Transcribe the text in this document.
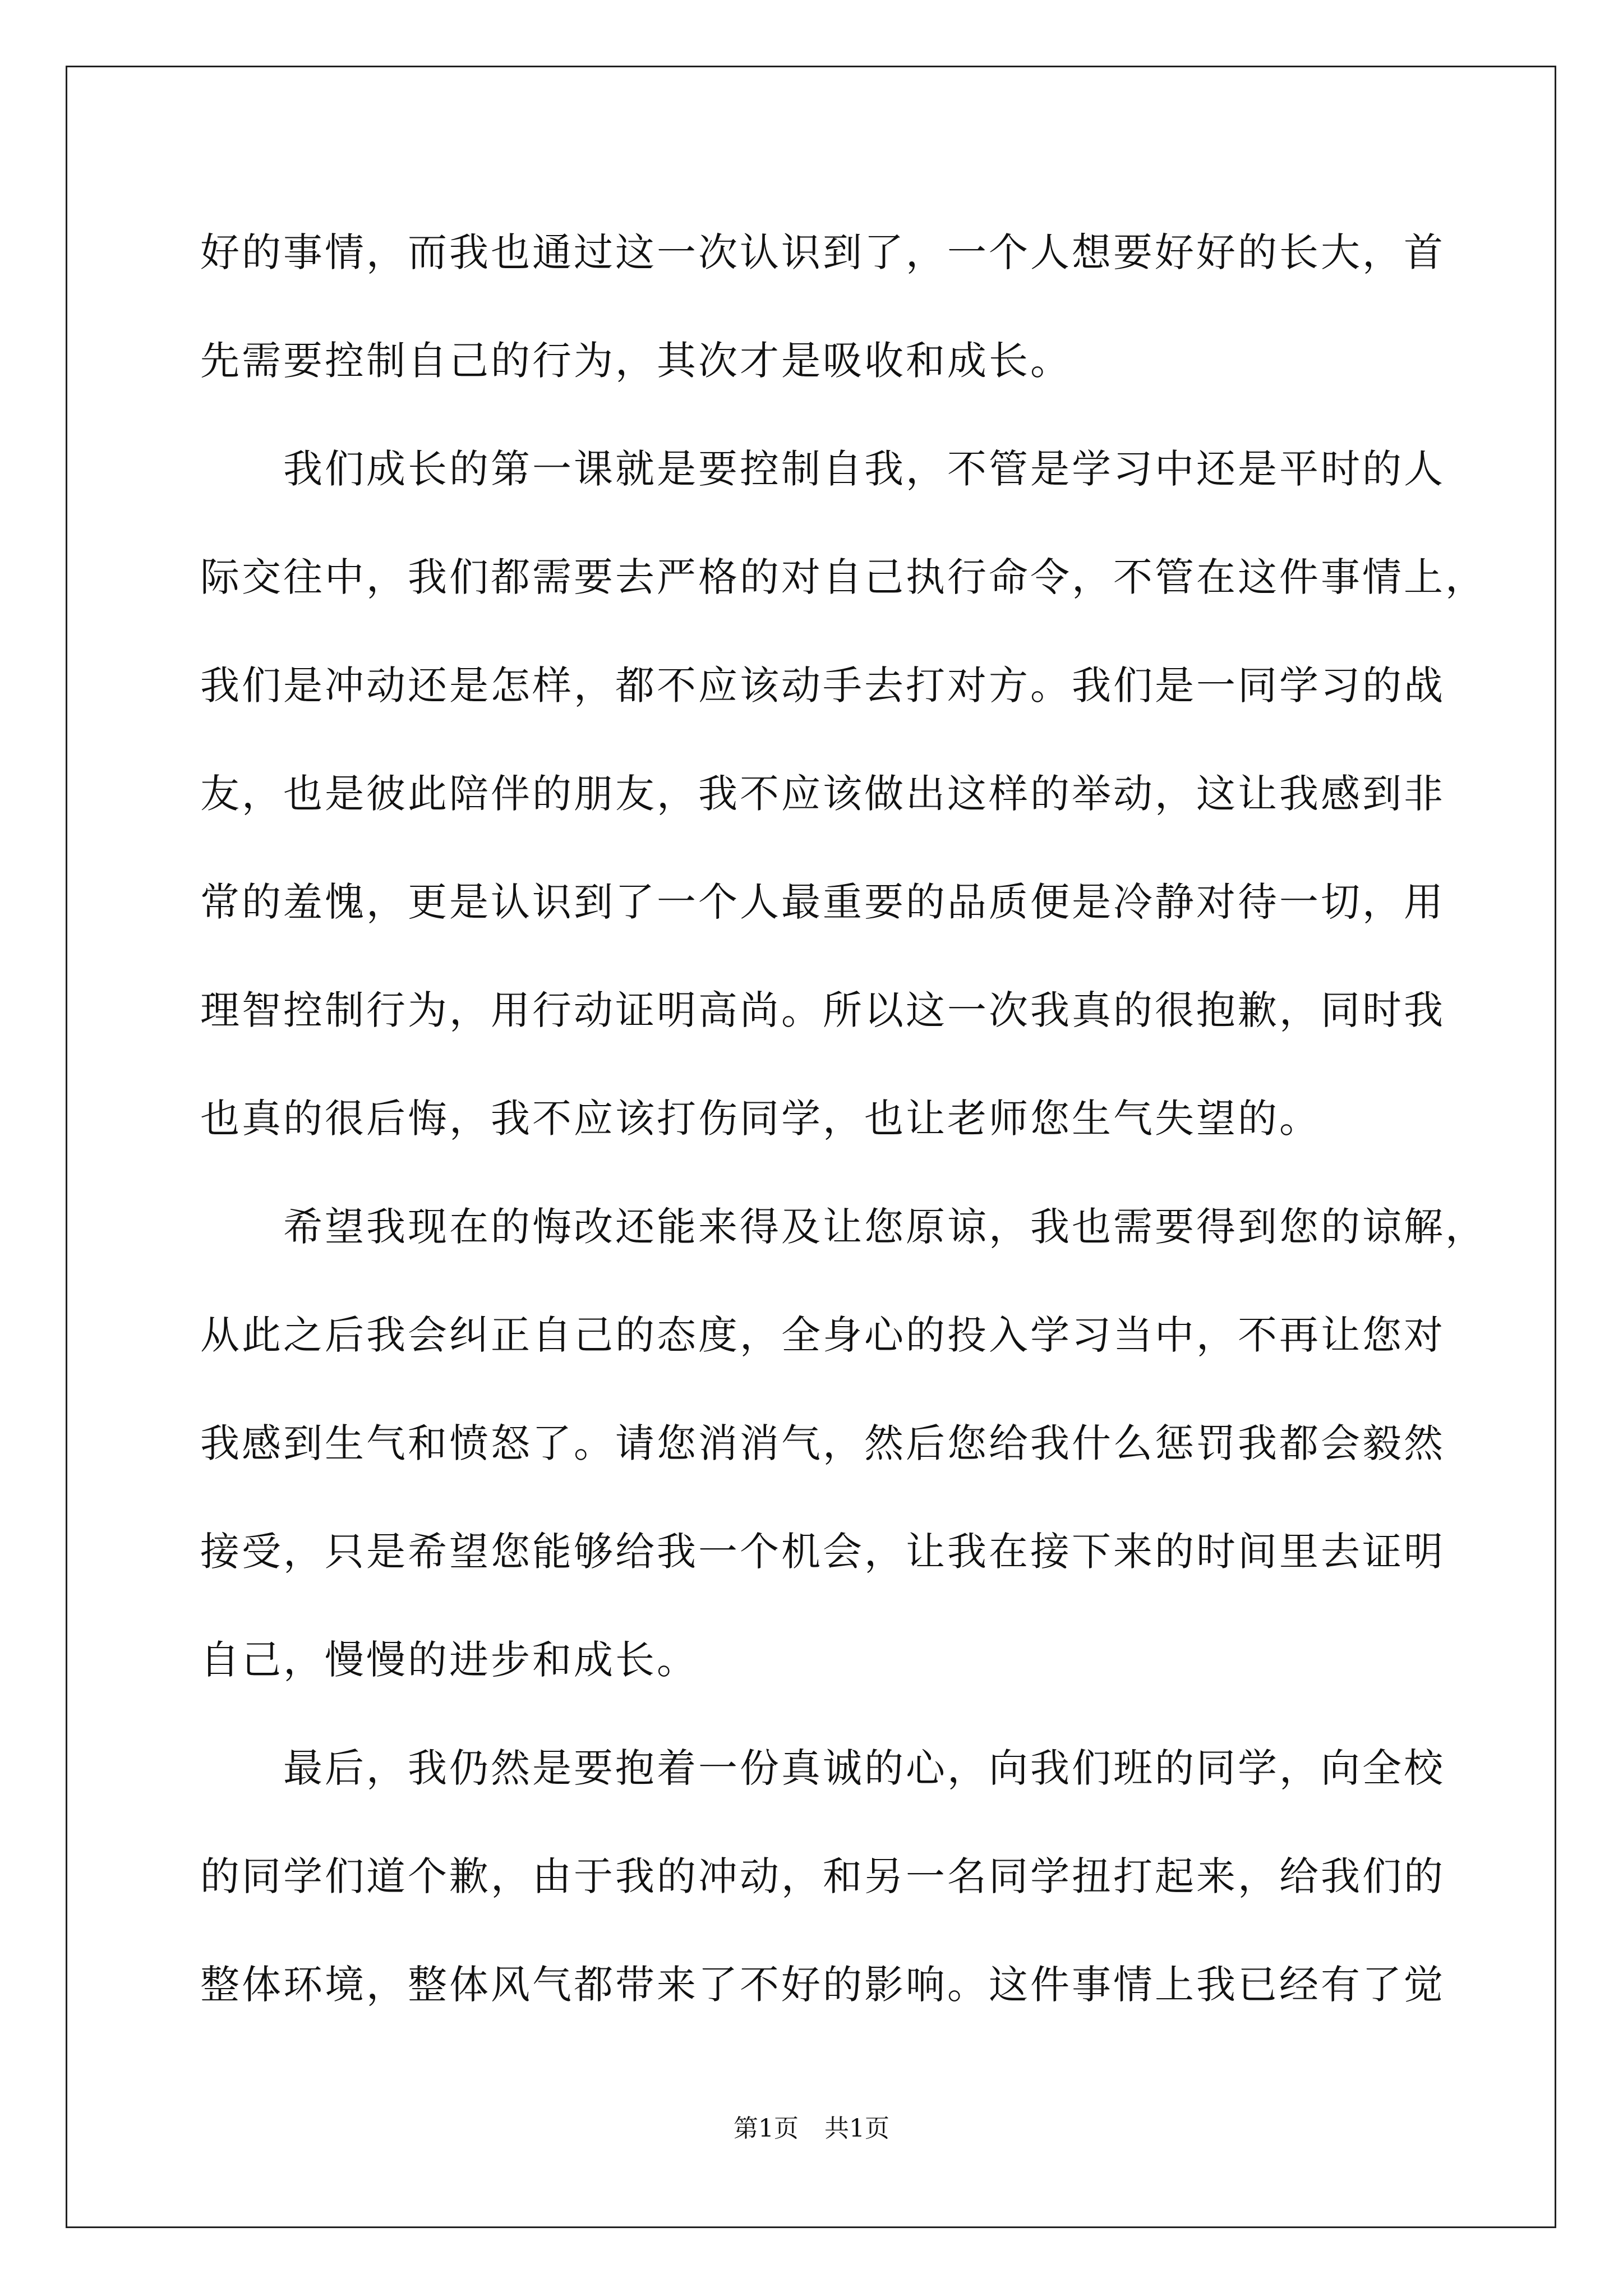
好的事情，而我也通过这一次认识到了，一个人想要好好的长大，首
先需要控制自己的行为，其次才是吸收和成长。
　　我们成长的第一课就是要控制自我，不管是学习中还是平时的人
际交往中，我们都需要去严格的对自己执行命令，不管在这件事情上，
我们是冲动还是怎样，都不应该动手去打对方。我们是一同学习的战
友，也是彼此陪伴的朋友，我不应该做出这样的举动，这让我感到非
常的羞愧，更是认识到了一个人最重要的品质便是冷静对待一切，用
理智控制行为，用行动证明高尚。所以这一次我真的很抱歉，同时我
也真的很后悔，我不应该打伤同学，也让老师您生气失望的。
　　希望我现在的悔改还能来得及让您原谅，我也需要得到您的谅解，
从此之后我会纠正自己的态度，全身心的投入学习当中，不再让您对
我感到生气和愤怒了。请您消消气，然后您给我什么惩罚我都会毅然
接受，只是希望您能够给我一个机会，让我在接下来的时间里去证明
自己，慢慢的进步和成长。
　　最后，我仍然是要抱着一份真诚的心，向我们班的同学，向全校
的同学们道个歉，由于我的冲动，和另一名同学扭打起来，给我们的
整体环境，整体风气都带来了不好的影响。这件事情上我已经有了觉
第1页 共1页
